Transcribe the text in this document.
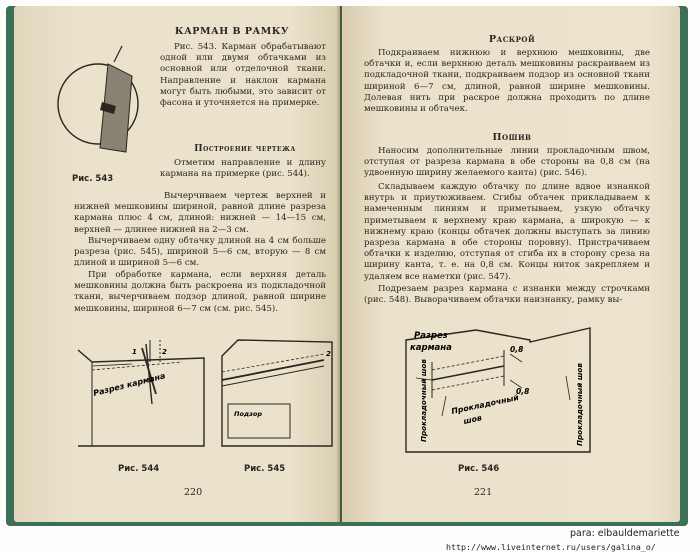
КАРМАН В РАМКУ

Рис. 543

Рис. 543. Карман обрабатывают одной или двумя обтачками из основной или отделочной ткани. Направление и наклон кармана могут быть любыми, это зависит от фасона и уточняется на примерке.

Построение чертежа

Отметим направление и длину кармана на примерке (рис. 544).

Вычерчиваем чертеж верхней и нижней мешковины шириной, равной длине разреза кармана плюс 4 см, длиной: нижней — 14—15 см, верхней — длинее нижней на 2—3 см.

Вычерчиваем одну обтачку длиной на 4 см больше разреза (рис. 545), шириной 5—6 см, вторую — 8 см длиной и шириной 5—6 см.

При обработке кармана, если верхняя деталь мешковины должна быть раскроена из подкладочной ткани, вычерчиваем подзор длиной, равной ширине мешковины, шириной 6—7 см (см. рис. 545).

1	2
Разрез кармана
2
Подзор

Рис. 544	Рис. 545

220

Раскрой

Подкраиваем нижнюю и верхнюю мешковины, две обтачки и, если верхнюю деталь мешковины раскраиваем из подкладочной ткани, подкраиваем подзор из основной ткани шириной 6—7 см, длиной, равной ширине мешковины. Долевая нить при раскрое должна проходить по длине мешковины и обтачек.

Пошив

Наносим дополнительные линии прокладочным швом, отступая от разреза кармана в обе стороны на 0,8 см (на удвоенную ширину желаемого канта) (рис. 546).

Складываем каждую обтачку по длине вдвое изнанкой внутрь и приутюживаем. Сгибы обтачек прикладываем к намеченным линиям и приметываем, узкую обтачку приметываем к верхнему краю кармана, а широкую — к нижнему краю (концы обтачек должны выступать за линию разреза кармана в обе стороны поровну). Пристрачиваем обтачки к изделию, отступая от сгиба их в сторону среза на ширину канта, т. е. на 0,8 см. Концы ниток закрепляем и удаляем все наметки (рис. 547).

Подрезаем разрез кармана с изнанки между строчками (рис. 548). Выворачиваем обтачки наизнанку, рамку вы-

Разрез
кармана	0,8
0,8
Прокладочный шов	Прокладочный
шов	Прокладочный шов

Рис. 546

221

para: elbauldemariette

http://www.liveinternet.ru/users/galina_o/
